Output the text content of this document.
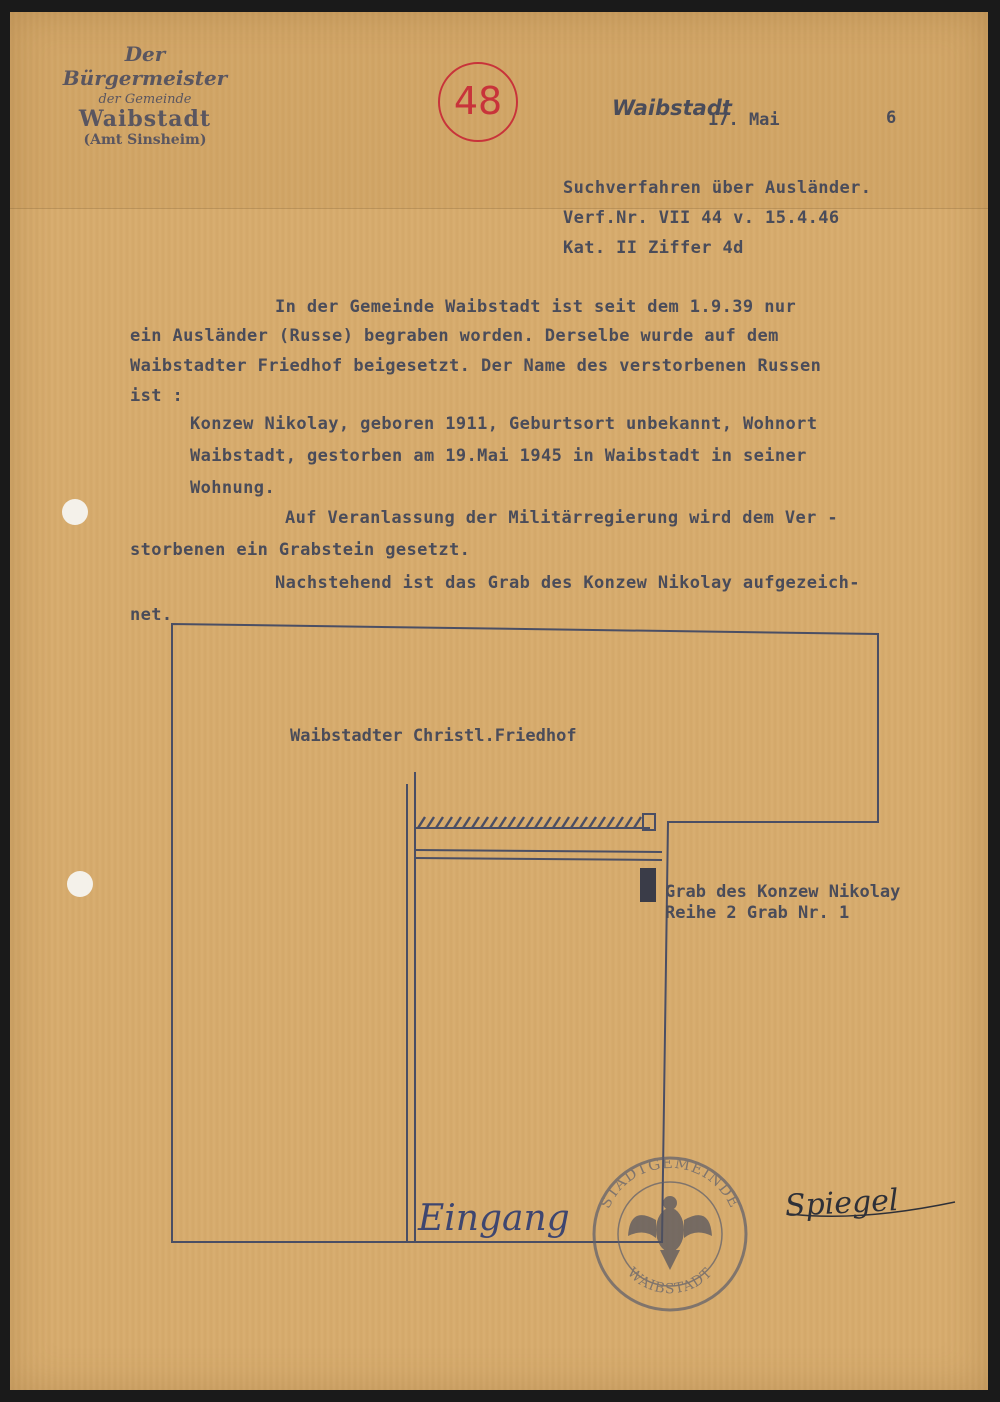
Der Bürgermeister
der Gemeinde
Waibstadt
(Amt Sinsheim)
48	Waibstadt
17. Mai	6
Suchverfahren über Ausländer.
Verf.Nr. VII 44 v. 15.4.46
Kat. II Ziffer 4d
In der Gemeinde Waibstadt ist seit dem 1.9.39 nur
ein Ausländer (Russe) begraben worden. Derselbe wurde auf dem
Waibstadter Friedhof beigesetzt. Der Name des verstorbenen Russen
ist :
Konzew Nikolay, geboren 1911, Geburtsort unbekannt, Wohnort
Waibstadt, gestorben am 19.Mai 1945 in Waibstadt in seiner
Wohnung.
Auf Veranlassung der Militärregierung wird dem Ver -
storbenen ein Grabstein gesetzt.
Nachstehend ist das Grab des Konzew Nikolay aufgezeich-
net.
Waibstadter Christl.Friedhof
Grab des Konzew Nikolay
Reihe 2 Grab Nr. 1
Eingang STADTGEMEINDE
WAIBSTADT
Spiegel
